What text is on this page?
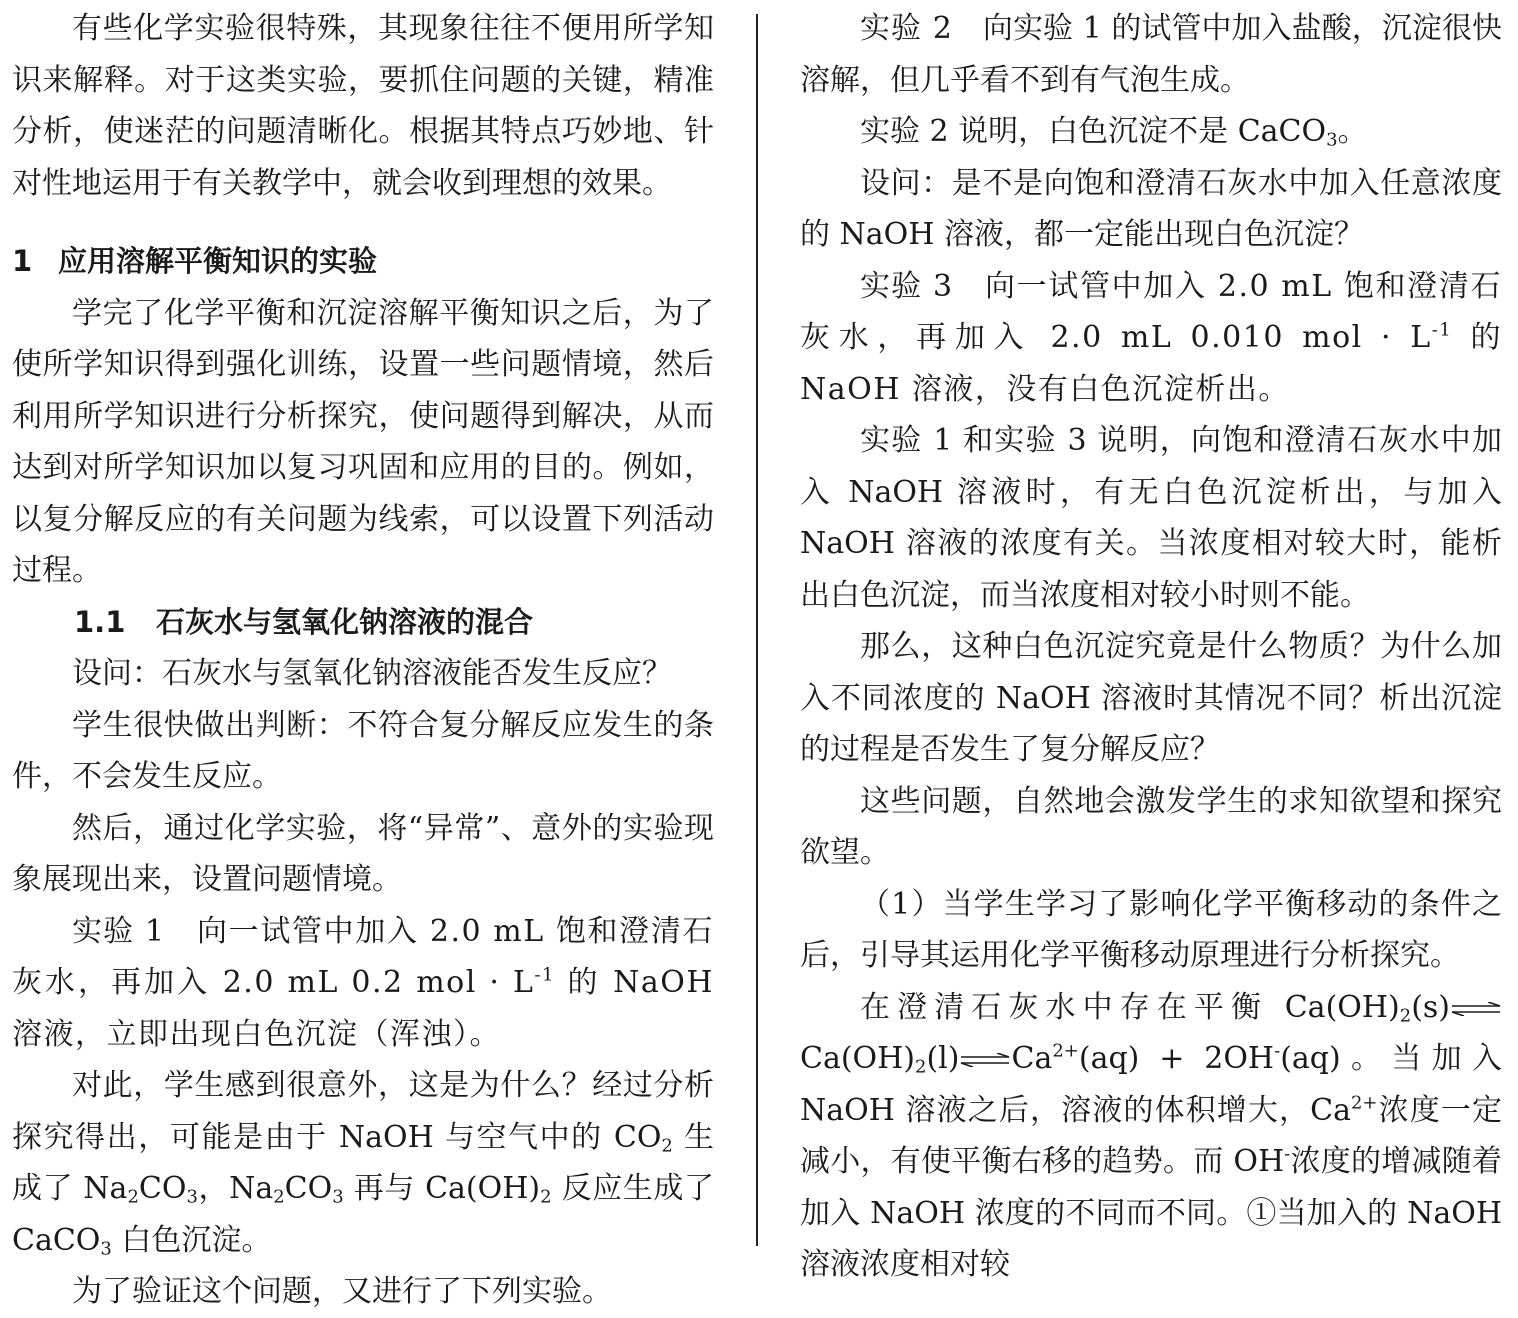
有些化学实验很特殊，其现象往往不便用所学知识来解释。对于这类实验，要抓住问题的关键，精准分析，使迷茫的问题清晰化。根据其特点巧妙地、针对性地运用于有关教学中，就会收到理想的效果。

1 应用溶解平衡知识的实验

学完了化学平衡和沉淀溶解平衡知识之后，为了使所学知识得到强化训练，设置一些问题情境，然后利用所学知识进行分析探究，使问题得到解决，从而达到对所学知识加以复习巩固和应用的目的。例如，以复分解反应的有关问题为线索，可以设置下列活动过程。

1.1 石灰水与氢氧化钠溶液的混合

设问：石灰水与氢氧化钠溶液能否发生反应？

学生很快做出判断：不符合复分解反应发生的条件，不会发生反应。

然后，通过化学实验，将“异常”、意外的实验现象展现出来，设置问题情境。

实验 1　 向一试管中加入 2.0 mL 饱和澄清石灰水，再加入 2.0 mL 0.2 mol · $L^{-1}$ 的 NaOH 溶液，立即出现白色沉淀（浑浊）。

对此，学生感到很意外，这是为什么？经过分析探究得出，可能是由于 NaOH 与空气中的 $CO_2$ 生成了 $Na_2CO_3$，$Na_2CO_3$ 再与 $Ca(OH)_2$ 反应生成了 CaCO$_3$ 白色沉淀。

为了验证这个问题，又进行了下列实验。

实验 2　 向实验 1 的试管中加入盐酸，沉淀很快溶解，但几乎看不到有气泡生成。

实验 2 说明，白色沉淀不是 CaCO$_3$。

设问：是不是向饱和澄清石灰水中加入任意浓度的 NaOH 溶液，都一定能出现白色沉淀？

实验 3　 向一试管中加入 2.0 mL 饱和澄清石灰水，再加入 2.0 mL 0.010 mol · $L^{-1}$ 的 NaOH 溶液，没有白色沉淀析出。

实验 1 和实验 3 说明，向饱和澄清石灰水中加入 NaOH 溶液时，有无白色沉淀析出，与加入 NaOH 溶液的浓度有关。当浓度相对较大时，能析出白色沉淀，而当浓度相对较小时则不能。

那么，这种白色沉淀究竟是什么物质？为什么加入不同浓度的 NaOH 溶液时其情况不同？析出沉淀的过程是否发生了复分解反应？

这些问题，自然地会激发学生的求知欲望和探究欲望。

（1）当学生学习了影响化学平衡移动的条件之后，引导其运用化学平衡移动原理进行分析探究。

在澄清石灰水中存在平衡 $Ca(OH)_2(s)\rightleftharpoons Ca(OH)_2(l)\rightleftharpoons Ca^{2+}(aq) + 2OH^-(aq)$。当加入 NaOH 溶液之后，溶液的体积增大，$Ca^{2+}$浓度一定减小，有使平衡右移的趋势。而 OH-浓度的增减随着加入 NaOH 浓度的不同而不同。①当加入的 NaOH 溶液浓度相对较
